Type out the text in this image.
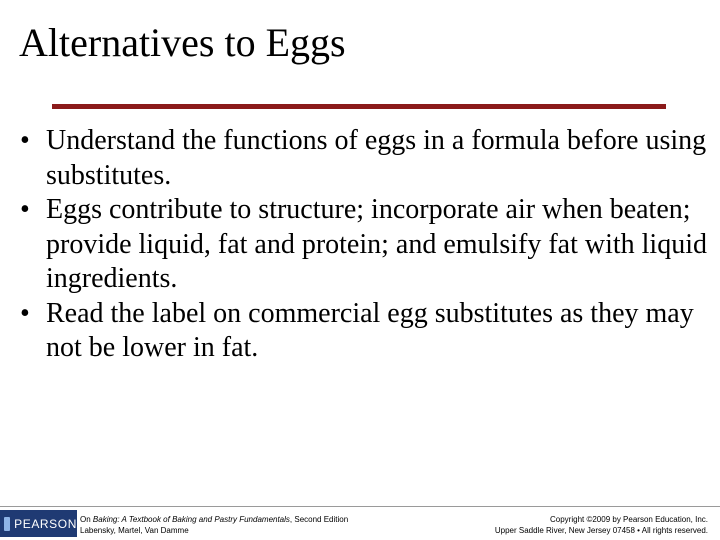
Alternatives to Eggs
• Understand the functions of eggs in a formula before using substitutes.
• Eggs contribute to structure; incorporate air when beaten; provide liquid, fat and protein; and emulsify fat with liquid ingredients.
• Read the label on commercial egg substitutes as they may not be lower in fat.
PEARSON On Baking: A Textbook of Baking and Pastry Fundamentals, Second Edition
Labensky, Martel, Van Damme
Copyright ©2009 by Pearson Education, Inc.
Upper Saddle River, New Jersey 07458 • All rights reserved.
